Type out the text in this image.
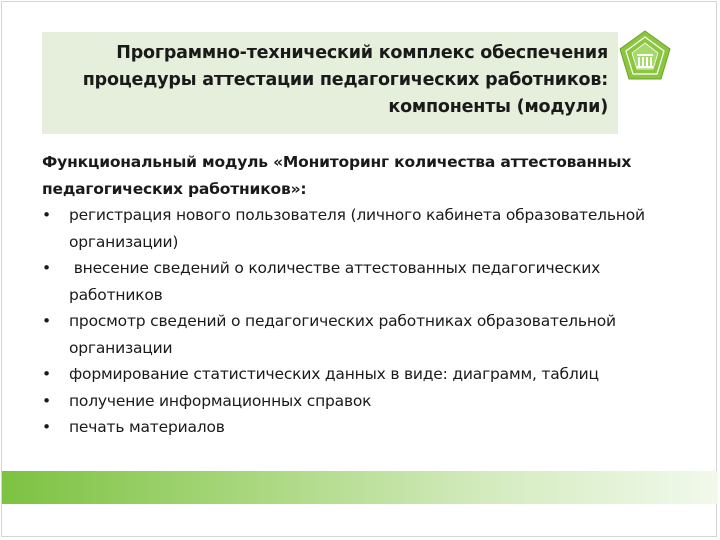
Программно-технический комплекс обеспечения
процедуры аттестации педагогических работников:
компоненты (модули)
Функциональный модуль «Мониторинг количества аттестованных
педагогических работников»:
• регистрация нового пользователя (личного кабинета образовательной
организации)
• внесение сведений о количестве аттестованных педагогических
работников
• просмотр сведений о педагогических работниках образовательной
организации
• формирование статистических данных в виде: диаграмм, таблиц
• получение информационных справок
• печать материалов
